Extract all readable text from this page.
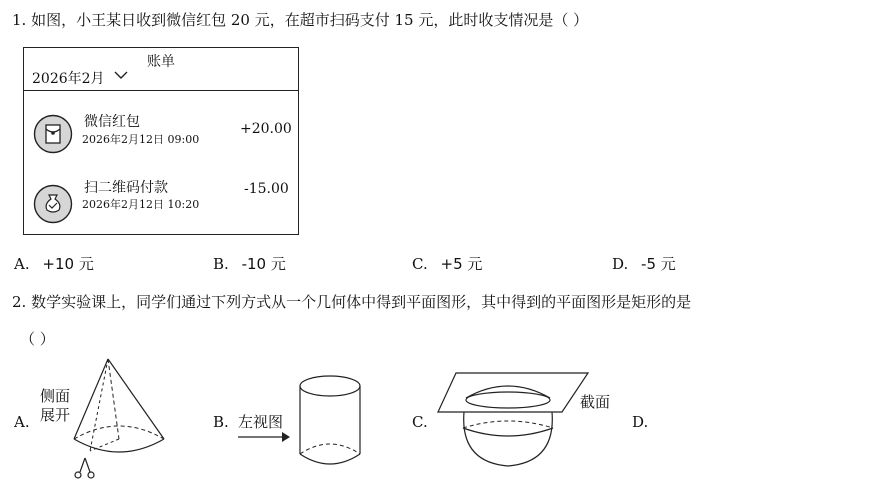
1. 如图，小王某日收到微信红包 20 元，在超市扫码支付 15 元，此时收支情况是（ ）
账单
2026年2月
微信红包
2026年2月12日 09:00
+20.00
扫二维码付款
2026年2月12日 10:20
-15.00
A. +10 元	B. -10 元	C. +5 元	D. -5 元
2. 数学实验课上，同学们通过下列方式从一个几何体中得到平面图形，其中得到的平面图形是矩形的是
（ ）
A.
侧面
展开	B. 左视图	C.
截面
D.
